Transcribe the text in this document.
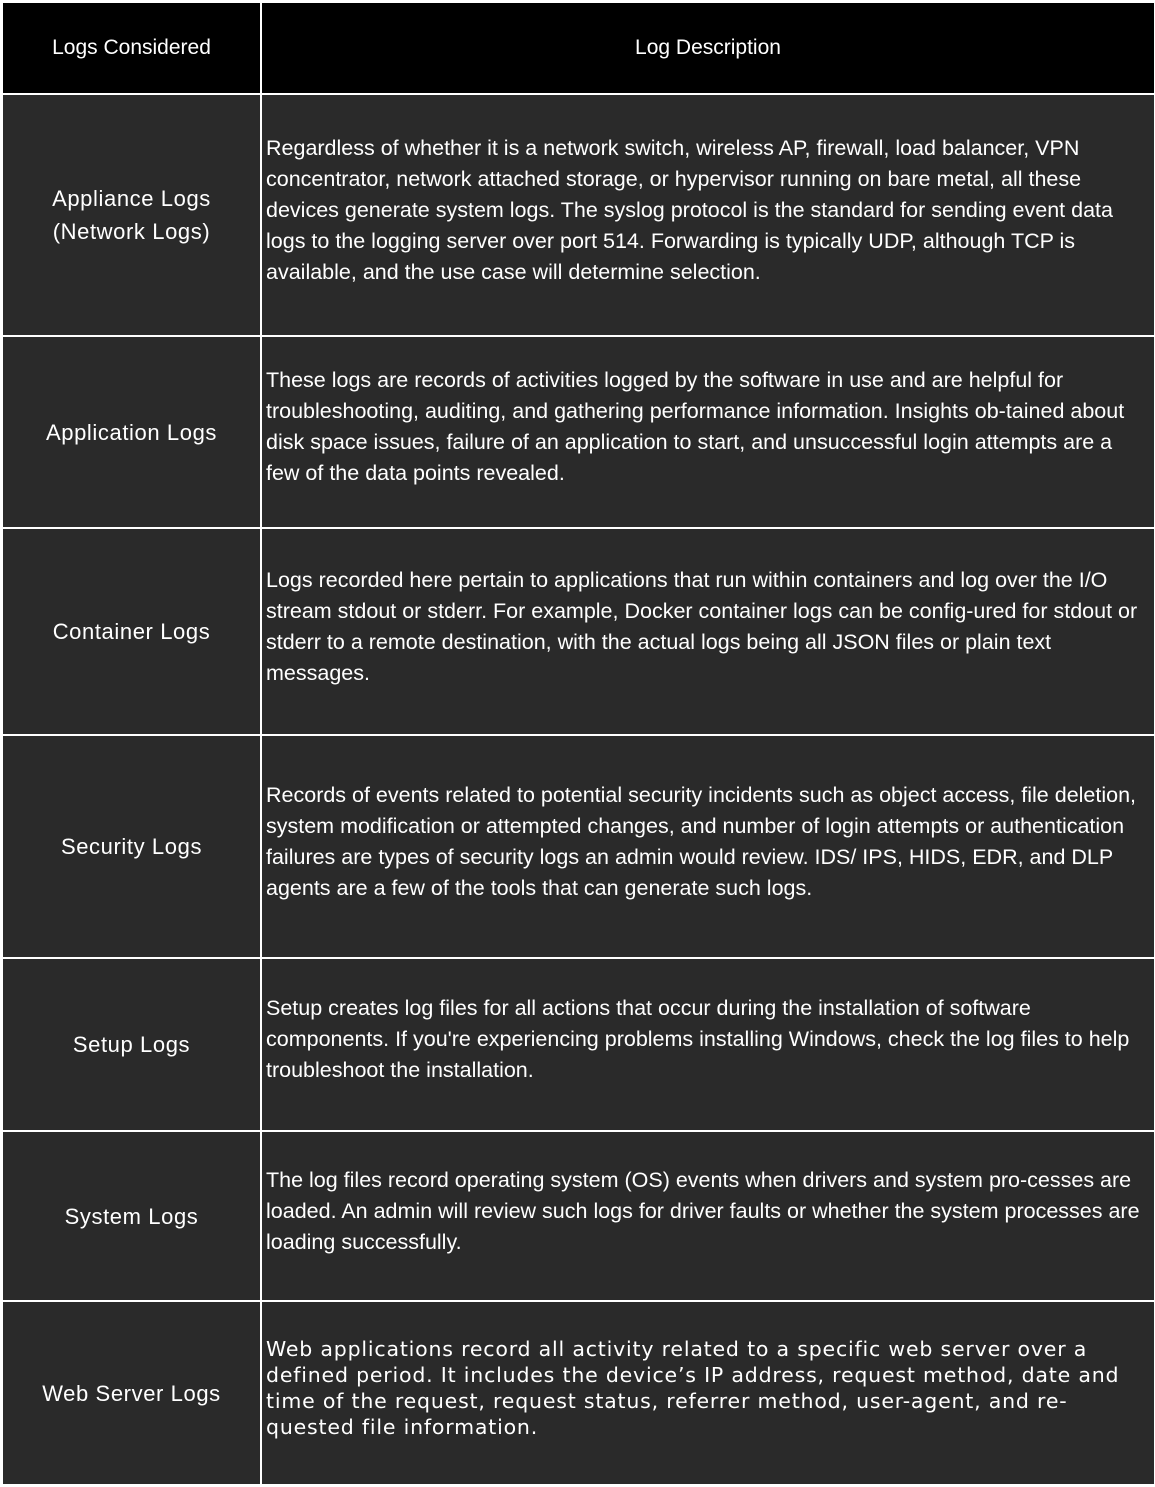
Logs Considered	Log Description
Appliance Logs
(Network Logs)	Regardless of whether it is a network switch, wireless AP, firewall, load balancer, VPN concentrator, network attached storage, or hypervisor running on bare metal, all these devices generate system logs. The syslog protocol is the standard for sending event data logs to the logging server over port 514. Forwarding is typically UDP, although TCP is available, and the use case will determine selection.
Application Logs	These logs are records of activities logged by the software in use and are helpful for troubleshooting, auditing, and gathering performance information. Insights ob-tained about disk space issues, failure of an application to start, and unsuccessful login attempts are a few of the data points revealed.
Container Logs	Logs recorded here pertain to applications that run within containers and log over the I/O stream stdout or stderr. For example, Docker container logs can be config-ured for stdout or stderr to a remote destination, with the actual logs being all JSON files or plain text messages.
Security Logs	Records of events related to potential security incidents such as object access, file deletion, system modification or attempted changes, and number of login attempts or authentication failures are types of security logs an admin would review. IDS/ IPS, HIDS, EDR, and DLP agents are a few of the tools that can generate such logs.
Setup Logs	Setup creates log files for all actions that occur during the installation of software components. If you're experiencing problems installing Windows, check the log files to help troubleshoot the installation.
System Logs	The log files record operating system (OS) events when drivers and system pro-cesses are loaded. An admin will review such logs for driver faults or whether the system processes are loading successfully.
Web Server Logs	Web applications record all activity related to a specific web server over a defined period. It includes the device’s IP address, request method, date and time of the request, request status, referrer method, user-agent, and re-quested file information.
